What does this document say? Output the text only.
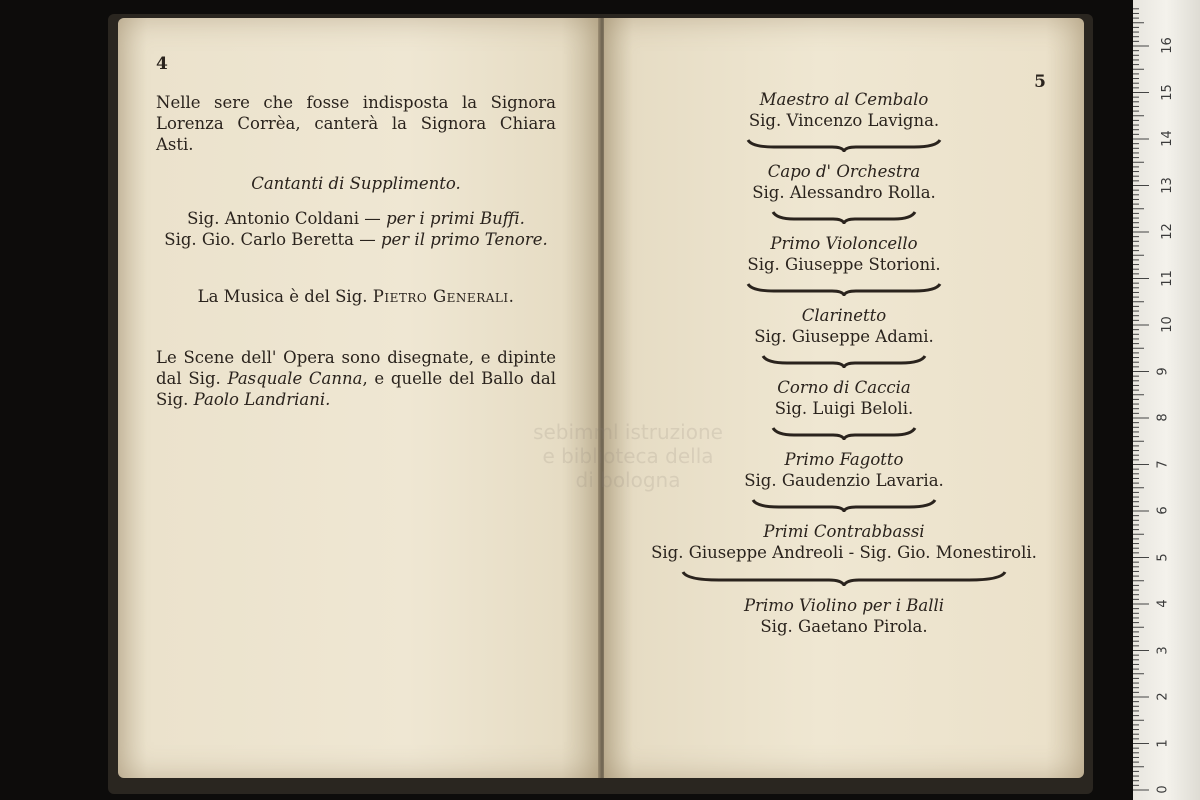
4

Nelle sere che fosse indisposta la Signora Lorenza Corrèa, canterà la Signora Chiara Asti.

Cantanti di Supplimento.
Sig. Antonio Coldani — per i primi Buffi.
Sig. Gio. Carlo Beretta — per il primo Tenore.
La Musica è del Sig. Pietro Generali.

Le Scene dell' Opera sono disegnate, e dipinte dal Sig. Pasquale Canna, e quelle del Ballo dal Sig. Paolo Landriani.

5
Maestro al Cembalo
Sig. Vincenzo Lavigna.
Capo d' Orchestra
Sig. Alessandro Rolla.
Primo Violoncello
Sig. Giuseppe Storioni.
Clarinetto
Sig. Giuseppe Adami.
Corno di Caccia
Sig. Luigi Beloli.
Primo Fagotto
Sig. Gaudenzio Lavaria.
Primi Contrabbassi
Sig. Giuseppe Andreoli - Sig. Gio. Monestiroli.
Primo Violino per i Balli
Sig. Gaetano Pirola.
sebimml istruzione
e biblioteca della
di bologna
0
1
2
3
4
5
6
7
8
9
10
11
12
13
14
15
16
